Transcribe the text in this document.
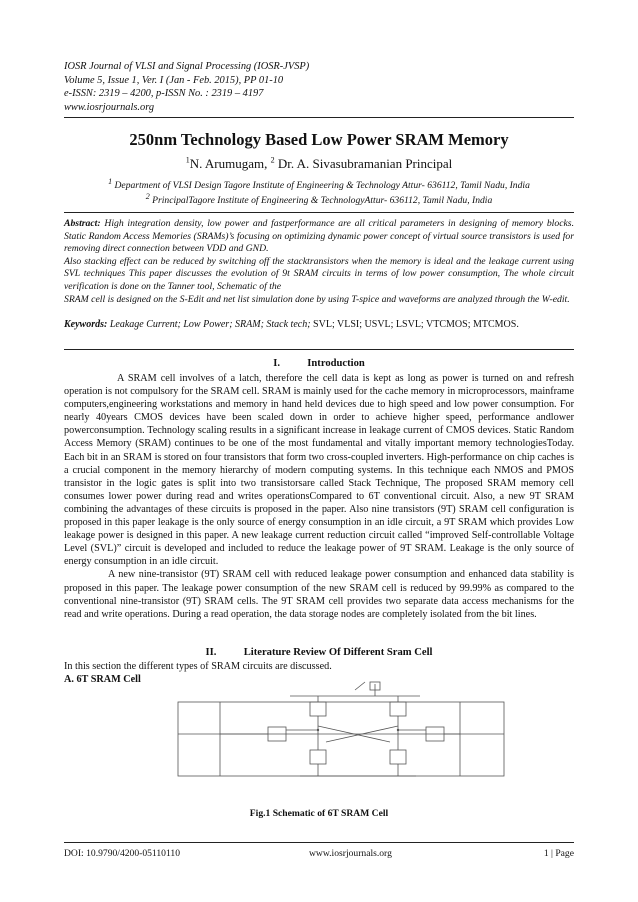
IOSR Journal of VLSI and Signal Processing (IOSR-JVSP)
Volume 5, Issue 1, Ver. I (Jan - Feb. 2015), PP 01-10
e-ISSN: 2319 – 4200, p-ISSN No. : 2319 – 4197
www.iosrjournals.org
250nm Technology Based Low Power SRAM Memory
$^1$N. Arumugam, $^2$ Dr. A. Sivasubramanian Principal
$^1$ Department of VLSI Design Tagore Institute of Engineering & Technology Attur- 636112, Tamil Nadu, India
$^2$ PrincipalTagore Institute of Engineering & TechnologyAttur- 636112, Tamil Nadu, India
Abstract: High integration density, low power and fastperformance are all critical parameters in designing of memory blocks. Static Random Access Memories (SRAMs)’s focusing on optimizing dynamic power concept of virtual source transistors is used for removing direct connection between VDD and GND.
Also stacking effect can be reduced by switching off the stacktransistors when the memory is ideal and the leakage current using SVL techniques This paper discusses the evolution of 9t SRAM circuits in terms of low power consumption, The whole circuit verification is done on the Tanner tool, Schematic of the
SRAM cell is designed on the S-Edit and net list simulation done by using T-spice and waveforms are analyzed through the W-edit.
Keywords: Leakage Current; Low Power; SRAM; Stack tech; SVL; VLSI; USVL; LSVL; VTCMOS; MTCMOS.
I.	Introduction

A SRAM cell involves of a latch, therefore the cell data is kept as long as power is turned on and refresh operation is not compulsory for the SRAM cell. SRAM is mainly used for the cache memory in microprocessors, mainframe computers,engineering workstations and memory in hand held devices due to high speed and low power consumption. For nearly 40years CMOS devices have been scaled down in order to achieve higher speed, performance andlower powerconsumption. Technology scaling results in a significant increase in leakage current of CMOS devices. Static Random Access Memory (SRAM) continues to be one of the most fundamental and vitally important memory technologiesToday. Each bit in an SRAM is stored on four transistors that form two cross-coupled inverters. High-performance on chip caches is a crucial component in the memory hierarchy of modern computing systems. In this technique each NMOS and PMOS transistor in the logic gates is split into two transistorsare called Stack Technique, The proposed SRAM memory cell consumes lower power during read and writes operationsCompared to 6T conventional circuit. Also, a new 9T SRAM combining the advantages of these circuits is proposed in the paper. Also nine transistors (9T) SRAM cell configuration is proposed in this paper leakage is the only source of energy consumption in an idle circuit, a 9T SRAM which provides Low leakage power is designed in this paper. A new leakage current reduction circuit called “improved Self-controllable Voltage Level (SVL)” circuit is developed and included to reduce the leakage power of 9T SRAM. Leakage is the only source of energy consumption in an idle circuit.

A new nine-transistor (9T) SRAM cell with reduced leakage power consumption and enhanced data stability is proposed in this paper. The leakage power consumption of the new SRAM cell is reduced by 99.99% as compared to the conventional nine-transistor (9T) SRAM cells. The 9T SRAM cell provides two separate data access mechanisms for the read and write operations. During a read operation, the data storage nodes are completely isolated from the bit lines.

II.	Literature Review Of Different Sram Cell
In this section the different types of SRAM circuits are discussed.
A. 6T SRAM Cell
Fig.1 Schematic of 6T SRAM Cell
DOI: 10.9790/4200-05110110	www.iosrjournals.org	1 | Page
